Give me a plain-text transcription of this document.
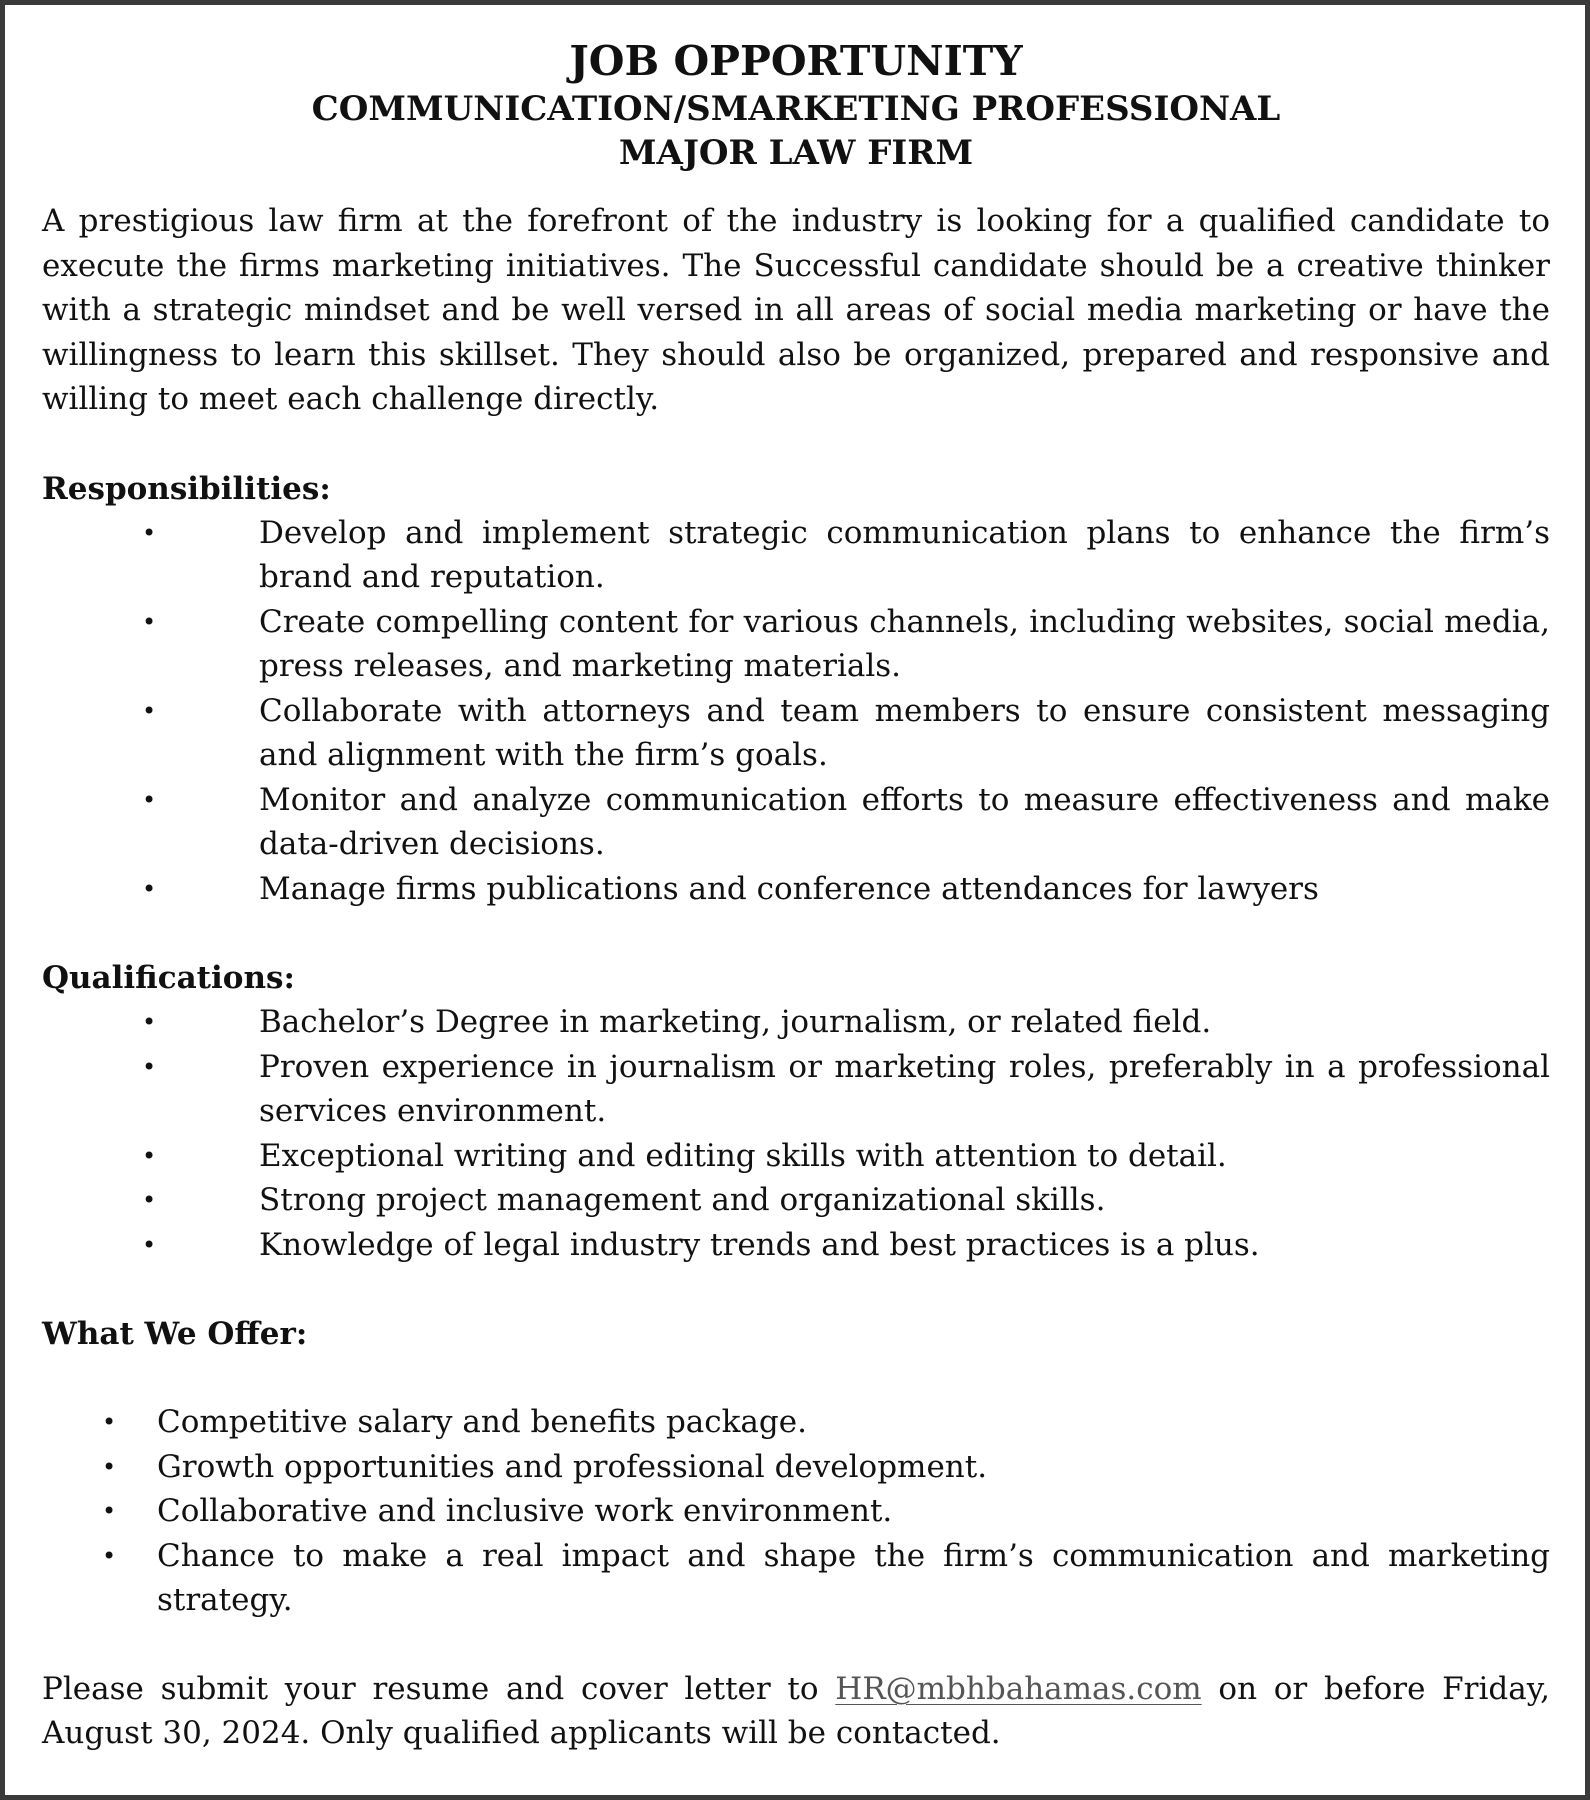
JOB OPPORTUNITY
COMMUNICATION/SMARKETING PROFESSIONAL
MAJOR LAW FIRM

A prestigious law firm at the forefront of the industry is looking for a qualified candidate to execute the firms marketing initiatives. The Successful candidate should be a creative thinker with a strategic mindset and be well versed in all areas of social media marketing or have the willingness to learn this skillset. They should also be organized, prepared and responsive and willing to meet each challenge directly.

Responsibilities:
•	Develop and implement strategic communication plans to enhance the firm’s brand and reputation.
•	Create compelling content for various channels, including websites, social media, press releases, and marketing materials.
•	Collaborate with attorneys and team members to ensure consistent messaging and alignment with the firm’s goals.
•	Monitor and analyze communication efforts to measure effectiveness and make data-driven decisions.
•	Manage firms publications and conference attendances for lawyers
Qualifications:
•	Bachelor’s Degree in marketing, journalism, or related field.
•	Proven experience in journalism or marketing roles, preferably in a professional services environment.
•	Exceptional writing and editing skills with attention to detail.
•	Strong project management and organizational skills.
•	Knowledge of legal industry trends and best practices is a plus.
What We Offer:
• Competitive salary and benefits package.
• Growth opportunities and professional development.
• Collaborative and inclusive work environment.
• Chance to make a real impact and shape the firm’s communication and marketing strategy.

Please submit your resume and cover letter to HR@mbhbahamas.com on or before Friday, August 30, 2024. Only qualified applicants will be contacted.
